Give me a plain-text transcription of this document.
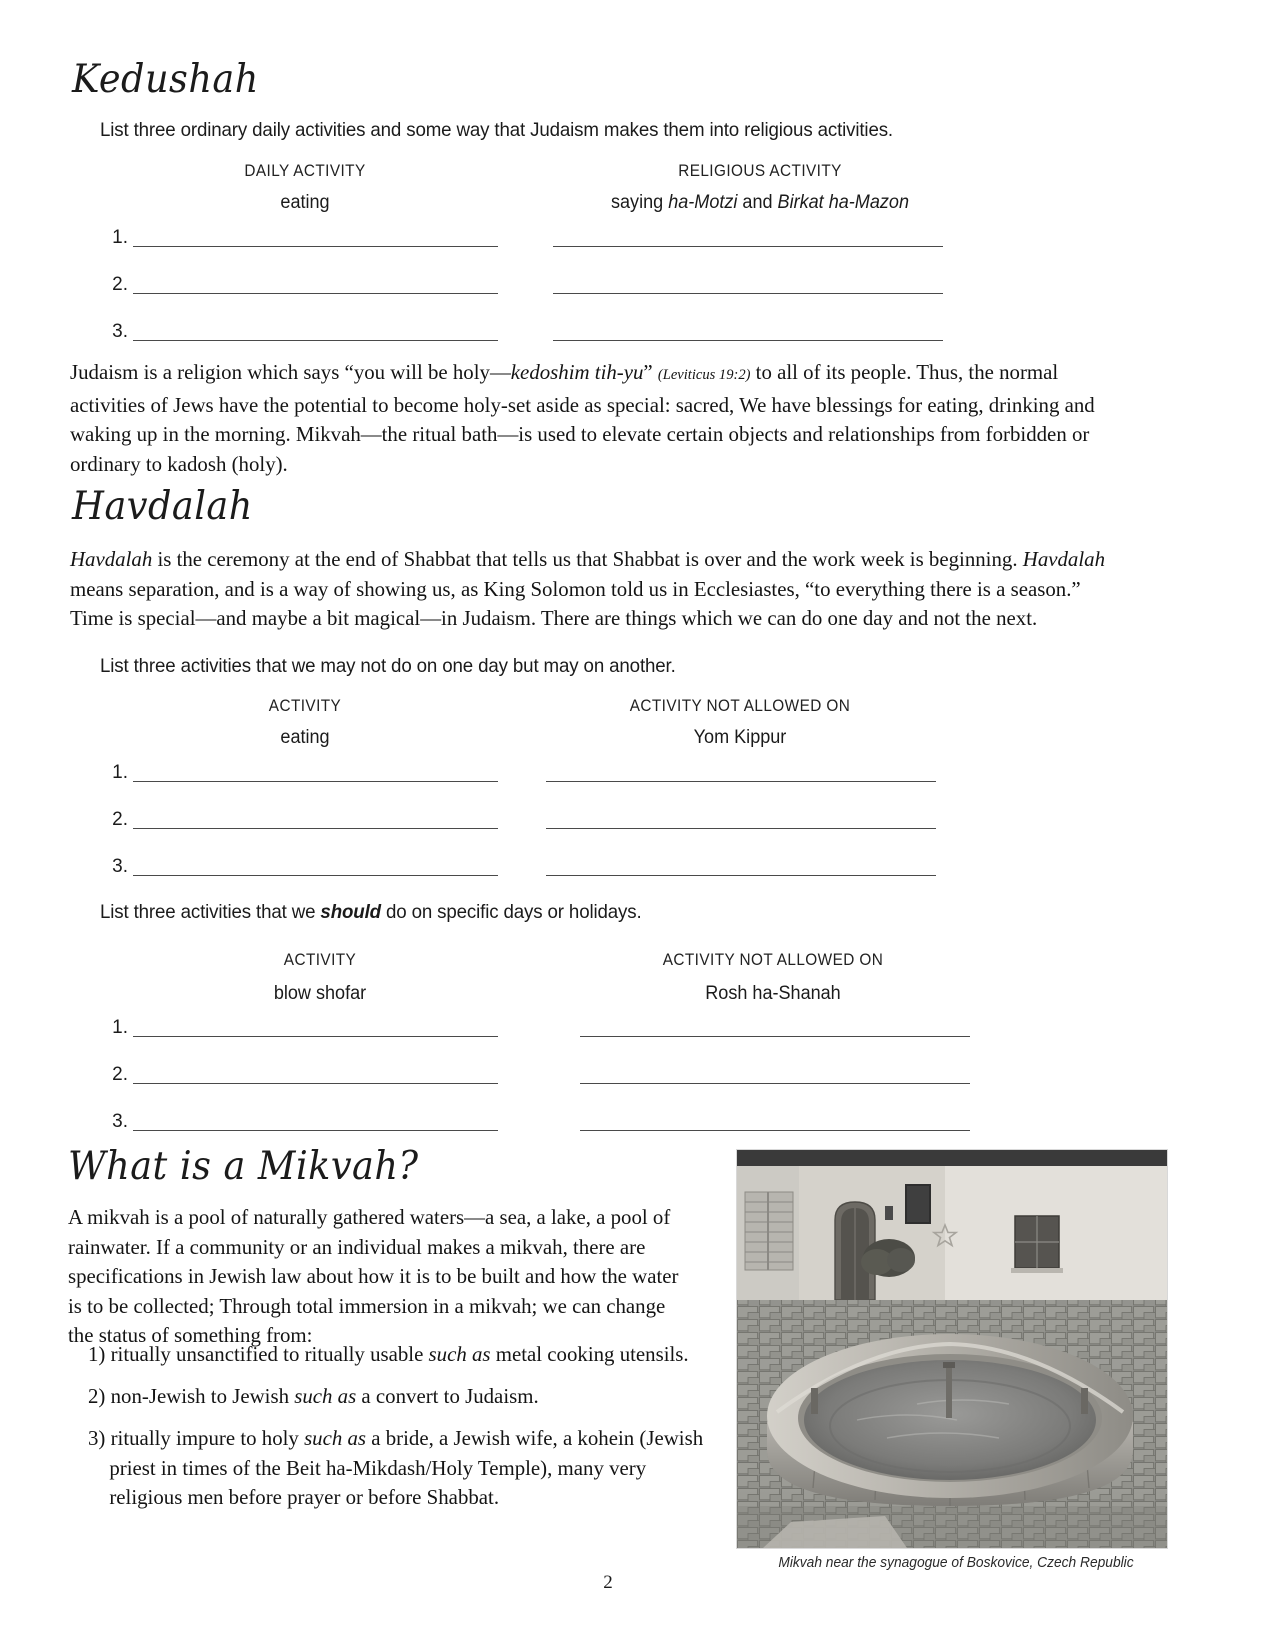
Kedushah
List three ordinary daily activities and some way that Judaism makes them into religious activities.
DAILY ACTIVITY	RELIGIOUS ACTIVITY
eating	saying ha-Motzi and Birkat ha-Mazon
1.
2.
3.
Judaism is a religion which says “you will be holy—kedoshim tih-yu” (Leviticus 19:2) to all of its people. Thus, the normal activities of Jews have the potential to become holy-set aside as special: sacred, We have blessings for eating, drinking and waking up in the morning. Mikvah—the ritual bath—is used to elevate certain objects and relationships from forbidden or ordinary to kadosh (holy).
Havdalah
Havdalah is the ceremony at the end of Shabbat that tells us that Shabbat is over and the work week is beginning. Havdalah means separation, and is a way of showing us, as King Solomon told us in Ecclesiastes, “to everything there is a season.” Time is special—and maybe a bit magical—in Judaism. There are things which we can do one day and not the next.
List three activities that we may not do on one day but may on another.
ACTIVITY	ACTIVITY NOT ALLOWED ON
eating	Yom Kippur
1.
2.
3.
List three activities that we should do on specific days or holidays.
ACTIVITY	ACTIVITY NOT ALLOWED ON
blow shofar	Rosh ha-Shanah
1.
2.
3.
What is a Mikvah?
A mikvah is a pool of naturally gathered waters—a sea, a lake, a pool of rainwater. If a community or an individual makes a mikvah, there are specifications in Jewish law about how it is to be built and how the water is to be collected; Through total immersion in a mikvah; we can change the status of something from:
1) ritually unsanctified to ritually usable such as metal cooking utensils.
2) non-Jewish to Jewish such as a convert to Judaism.
3) ritually impure to holy such as a bride, a Jewish wife, a kohein (Jewish priest in times of the Beit ha-Mikdash/Holy Temple), many very religious men before prayer or before Shabbat.
Mikvah near the synagogue of Boskovice, Czech Republic
2
